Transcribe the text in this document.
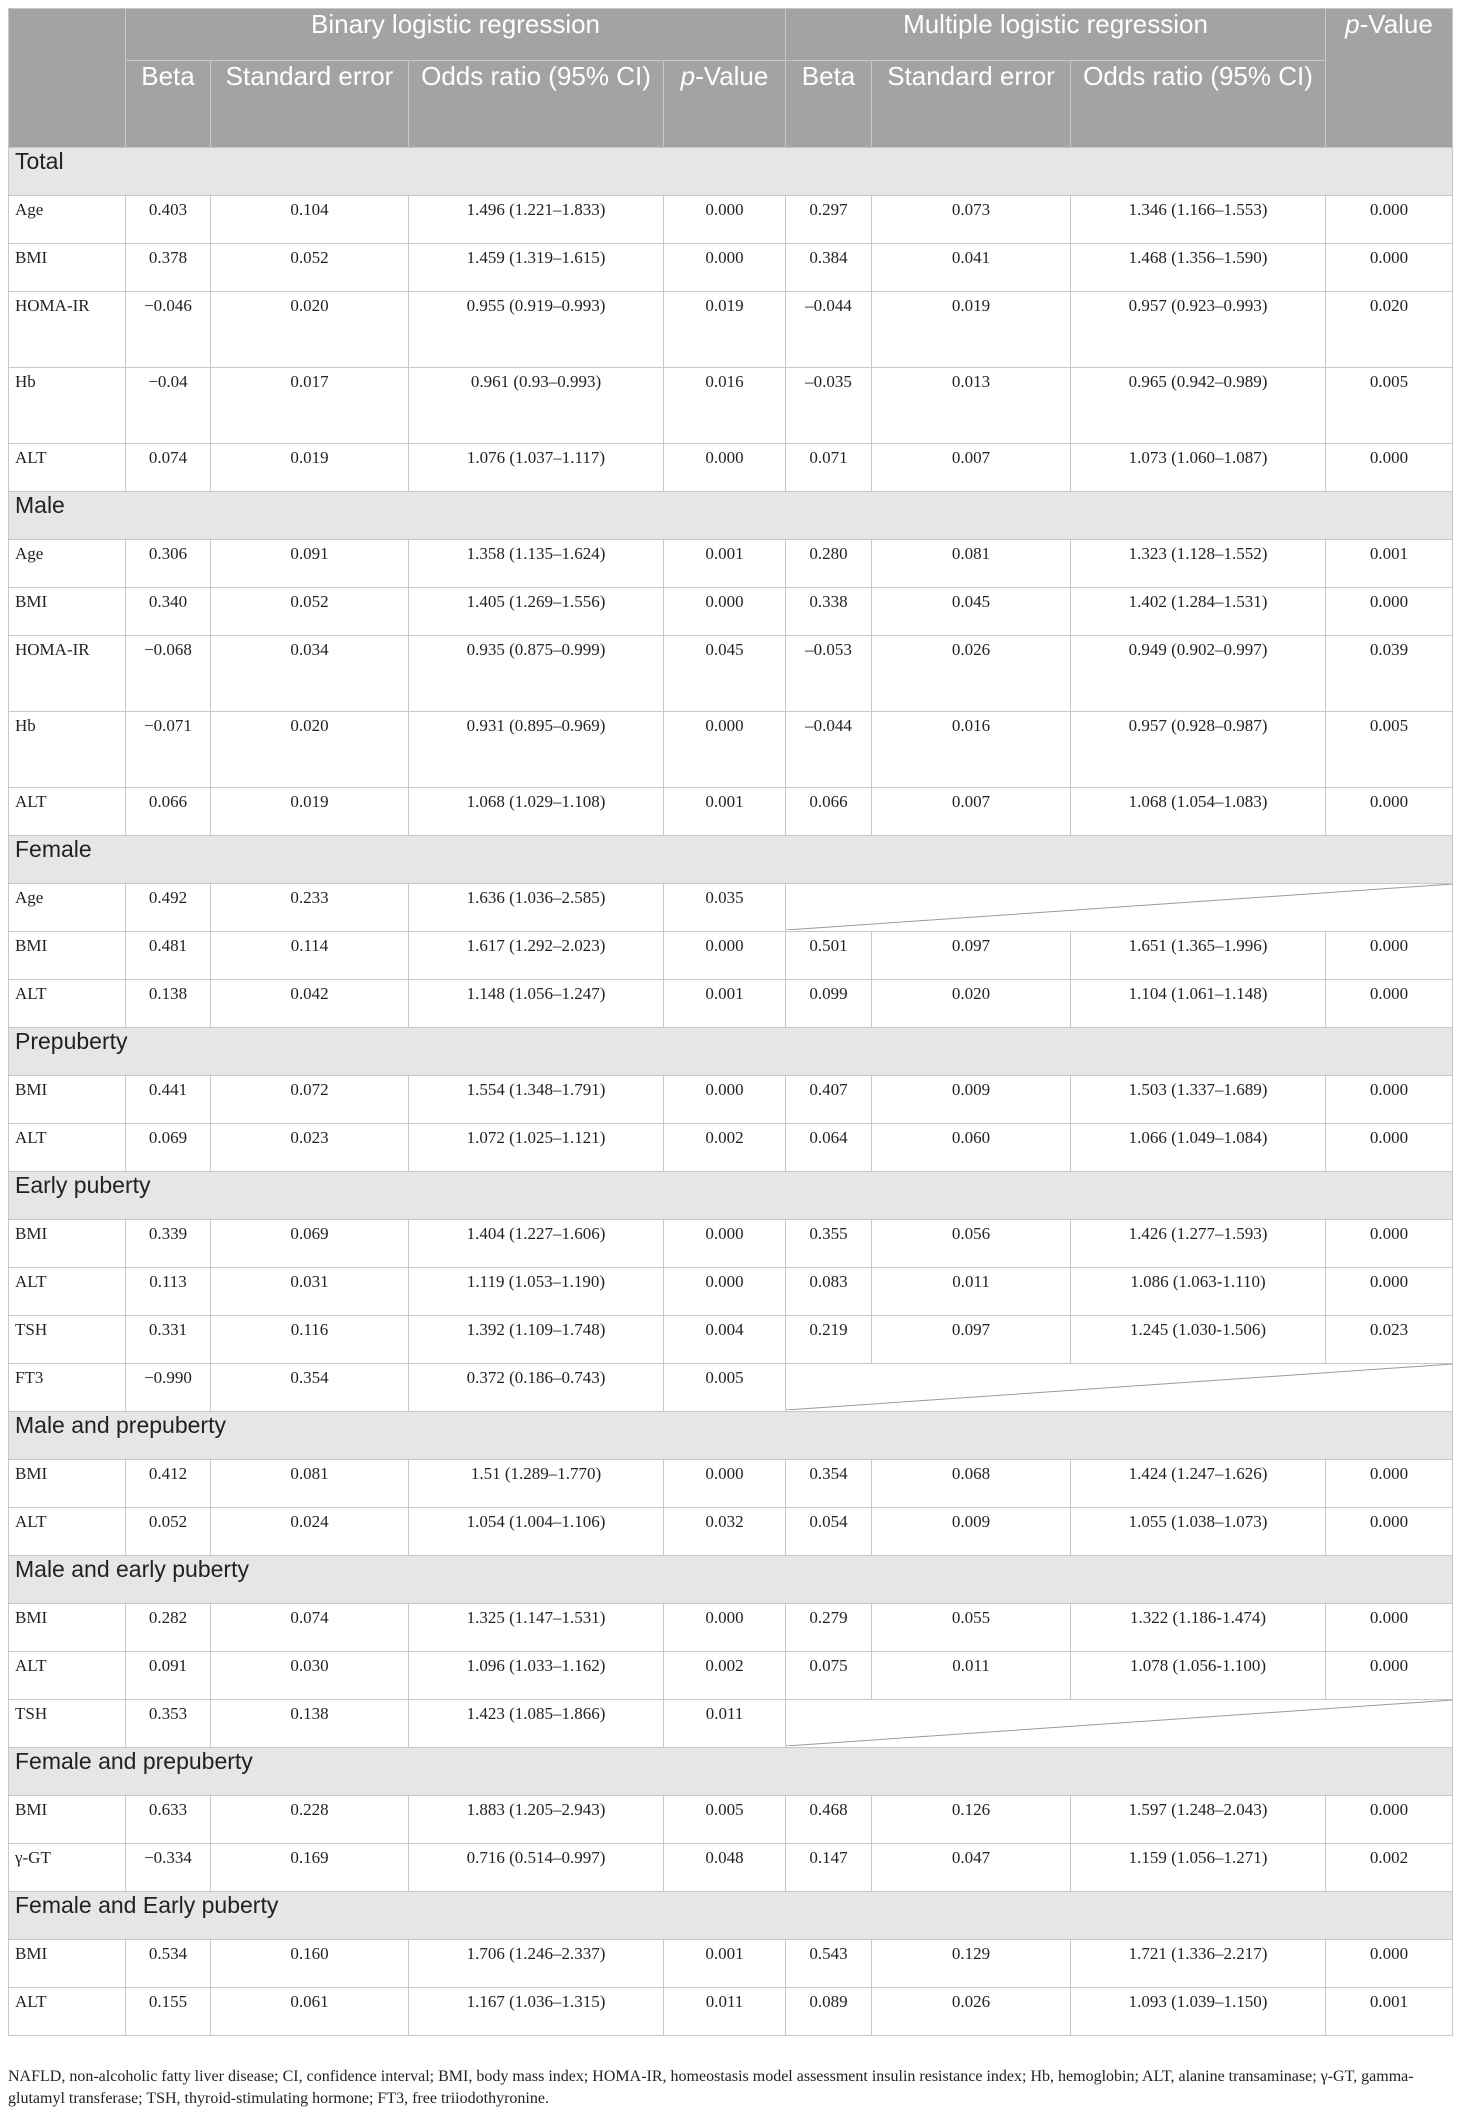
	Binary logistic regression				Multiple logistic regression			p-Value
	Beta	Standard error	Odds ratio (95% CI)	p-Value	Beta	Standard error	Odds ratio (95% CI)	
Total								
Age	0.403	0.104	1.496 (1.221–1.833)	0.000	0.297	0.073	1.346 (1.166–1.553)	0.000
BMI	0.378	0.052	1.459 (1.319–1.615)	0.000	0.384	0.041	1.468 (1.356–1.590)	0.000
HOMA-IR	−0.046	0.020	0.955 (0.919–0.993)	0.019	–0.044	0.019	0.957 (0.923–0.993)	0.020
Hb	−0.04	0.017	0.961 (0.93–0.993)	0.016	–0.035	0.013	0.965 (0.942–0.989)	0.005
ALT	0.074	0.019	1.076 (1.037–1.117)	0.000	0.071	0.007	1.073 (1.060–1.087)	0.000
Male								
Age	0.306	0.091	1.358 (1.135–1.624)	0.001	0.280	0.081	1.323 (1.128–1.552)	0.001
BMI	0.340	0.052	1.405 (1.269–1.556)	0.000	0.338	0.045	1.402 (1.284–1.531)	0.000
HOMA-IR	−0.068	0.034	0.935 (0.875–0.999)	0.045	–0.053	0.026	0.949 (0.902–0.997)	0.039
Hb	−0.071	0.020	0.931 (0.895–0.969)	0.000	–0.044	0.016	0.957 (0.928–0.987)	0.005
ALT	0.066	0.019	1.068 (1.029–1.108)	0.001	0.066	0.007	1.068 (1.054–1.083)	0.000
Female								
Age	0.492	0.233	1.636 (1.036–2.585)	0.035	

BMI	0.481	0.114	1.617 (1.292–2.023)	0.000	0.501	0.097	1.651 (1.365–1.996)	0.000
ALT	0.138	0.042	1.148 (1.056–1.247)	0.001	0.099	0.020	1.104 (1.061–1.148)	0.000
Prepuberty								
BMI	0.441	0.072	1.554 (1.348–1.791)	0.000	0.407	0.009	1.503 (1.337–1.689)	0.000
ALT	0.069	0.023	1.072 (1.025–1.121)	0.002	0.064	0.060	1.066 (1.049–1.084)	0.000
Early puberty								
BMI	0.339	0.069	1.404 (1.227–1.606)	0.000	0.355	0.056	1.426 (1.277–1.593)	0.000
ALT	0.113	0.031	1.119 (1.053–1.190)	0.000	0.083	0.011	1.086 (1.063-1.110)	0.000
TSH	0.331	0.116	1.392 (1.109–1.748)	0.004	0.219	0.097	1.245 (1.030-1.506)	0.023
FT3	−0.990	0.354	0.372 (0.186–0.743)	0.005	

Male and prepuberty								
BMI	0.412	0.081	1.51 (1.289–1.770)	0.000	0.354	0.068	1.424 (1.247–1.626)	0.000
ALT	0.052	0.024	1.054 (1.004–1.106)	0.032	0.054	0.009	1.055 (1.038–1.073)	0.000
Male and early puberty								
BMI	0.282	0.074	1.325 (1.147–1.531)	0.000	0.279	0.055	1.322 (1.186-1.474)	0.000
ALT	0.091	0.030	1.096 (1.033–1.162)	0.002	0.075	0.011	1.078 (1.056-1.100)	0.000
TSH	0.353	0.138	1.423 (1.085–1.866)	0.011	

Female and prepuberty								
BMI	0.633	0.228	1.883 (1.205–2.943)	0.005	0.468	0.126	1.597 (1.248–2.043)	0.000
γ-GT	−0.334	0.169	0.716 (0.514–0.997)	0.048	0.147	0.047	1.159 (1.056–1.271)	0.002
Female and Early puberty								
BMI	0.534	0.160	1.706 (1.246–2.337)	0.001	0.543	0.129	1.721 (1.336–2.217)	0.000
ALT	0.155	0.061	1.167 (1.036–1.315)	0.011	0.089	0.026	1.093 (1.039–1.150)	0.001
NAFLD, non-alcoholic fatty liver disease; CI, confidence interval; BMI, body mass index; HOMA-IR, homeostasis model assessment insulin resistance index; Hb, hemoglobin; ALT, alanine transaminase; γ-GT, gamma-glutamyl transferase; TSH, thyroid-stimulating hormone; FT3, free triiodothyronine.
